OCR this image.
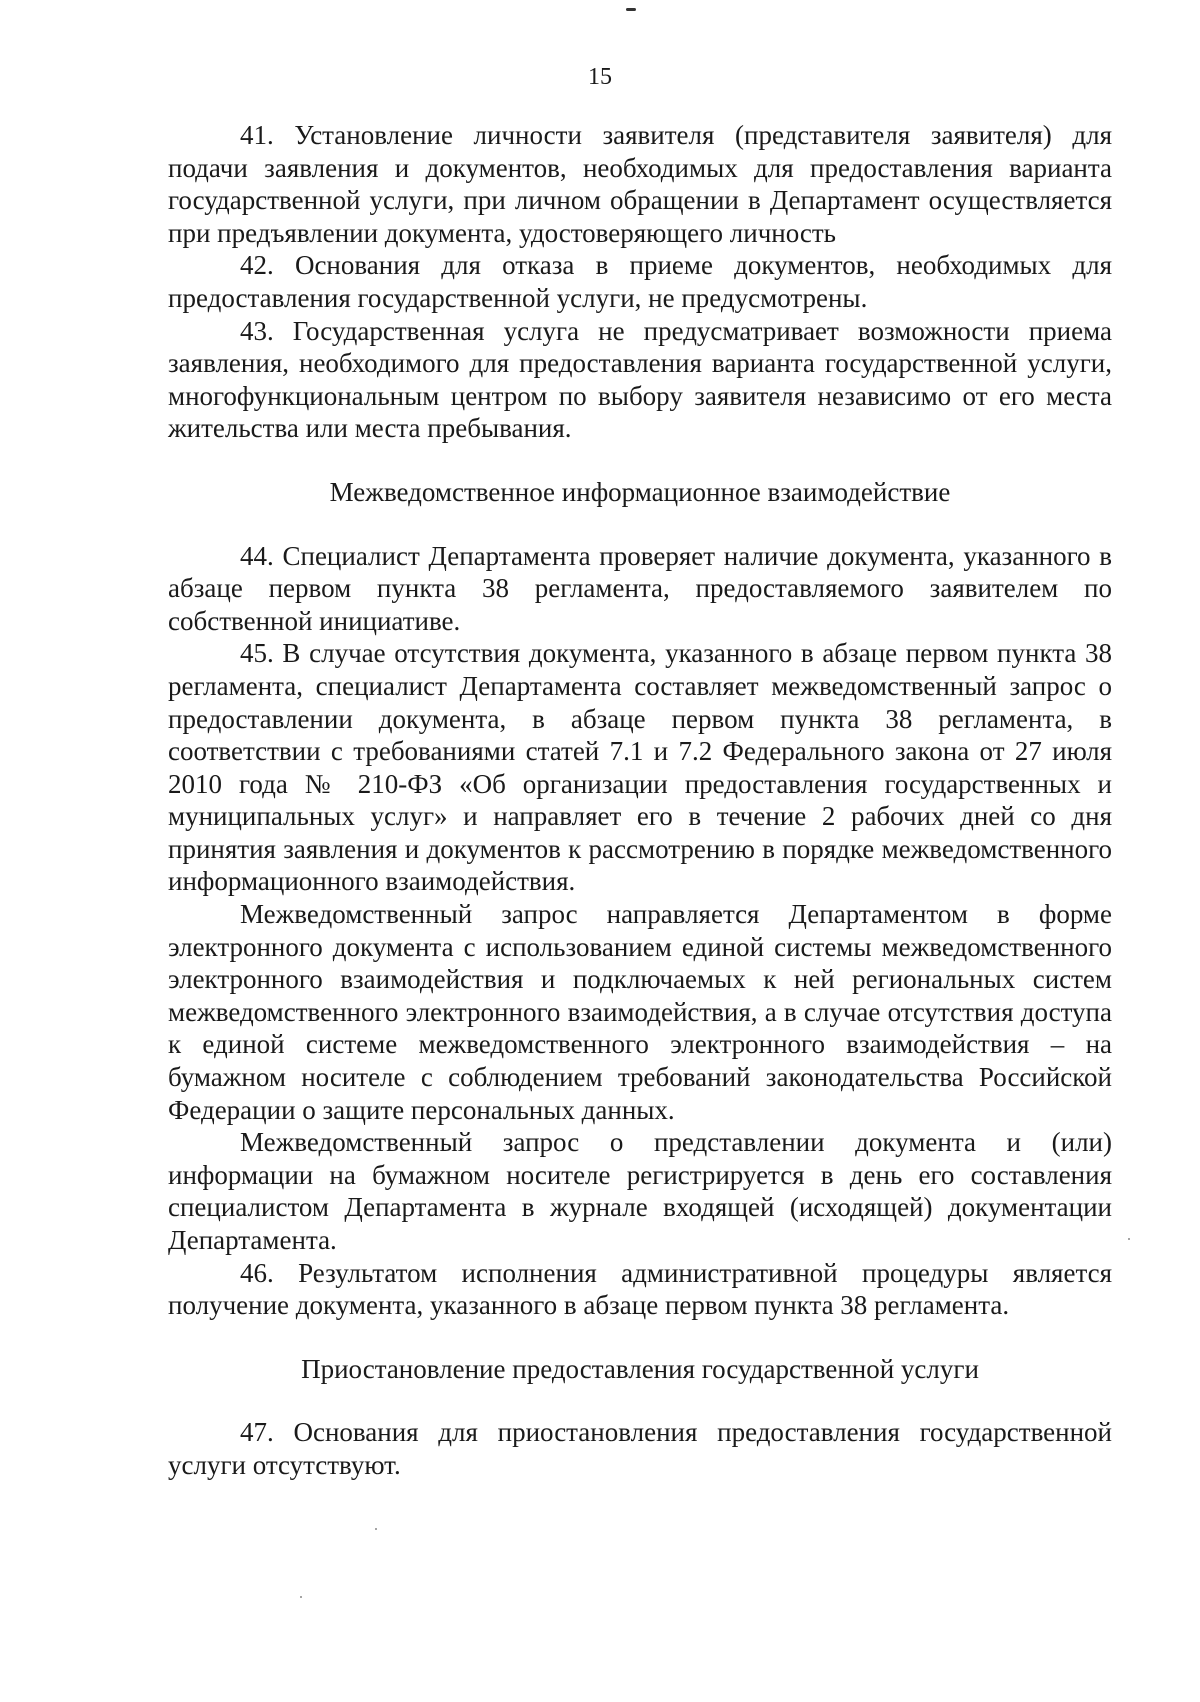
15

41. Установление личности заявителя (представителя заявителя) для подачи заявления и документов, необходимых для предоставления варианта государственной услуги, при личном обращении в Департамент осуществляется при предъявлении документа, удостоверяющего личность

42. Основания для отказа в приеме документов, необходимых для предоставления государственной услуги, не предусмотрены.

43. Государственная услуга не предусматривает возможности приема заявления, необходимого для предоставления варианта государственной услуги, многофункциональным центром по выбору заявителя независимо от его места жительства или места пребывания.

Межведомственное информационное взаимодействие

44. Специалист Департамента проверяет наличие документа, указанного в абзаце первом пункта 38 регламента, предоставляемого заявителем по собственной инициативе.

45. В случае отсутствия документа, указанного в абзаце первом пункта 38 регламента, специалист Департамента составляет межведомственный запрос о предоставлении документа, в абзаце первом пункта 38 регламента, в соответствии с требованиями статей 7.1 и 7.2 Федерального закона от 27 июля 2010 года № 210-ФЗ «Об организации предоставления государственных и муниципальных услуг» и направляет его в течение 2 рабочих дней со дня принятия заявления и документов к рассмотрению в порядке межведомственного информационного взаимодействия.

Межведомственный запрос направляется Департаментом в форме электронного документа с использованием единой системы межведомственного электронного взаимодействия и подключаемых к ней региональных систем межведомственного электронного взаимодействия, а в случае отсутствия доступа к единой системе межведомственного электронного взаимодействия – на бумажном носителе с соблюдением требований законодательства Российской Федерации о защите персональных данных.

Межведомственный запрос о представлении документа и (или) информации на бумажном носителе регистрируется в день его составления специалистом Департамента в журнале входящей (исходящей) документации Департамента.

46. Результатом исполнения административной процедуры является получение документа, указанного в абзаце первом пункта 38 регламента.

Приостановление предоставления государственной услуги

47. Основания для приостановления предоставления государственной услуги отсутствуют.
